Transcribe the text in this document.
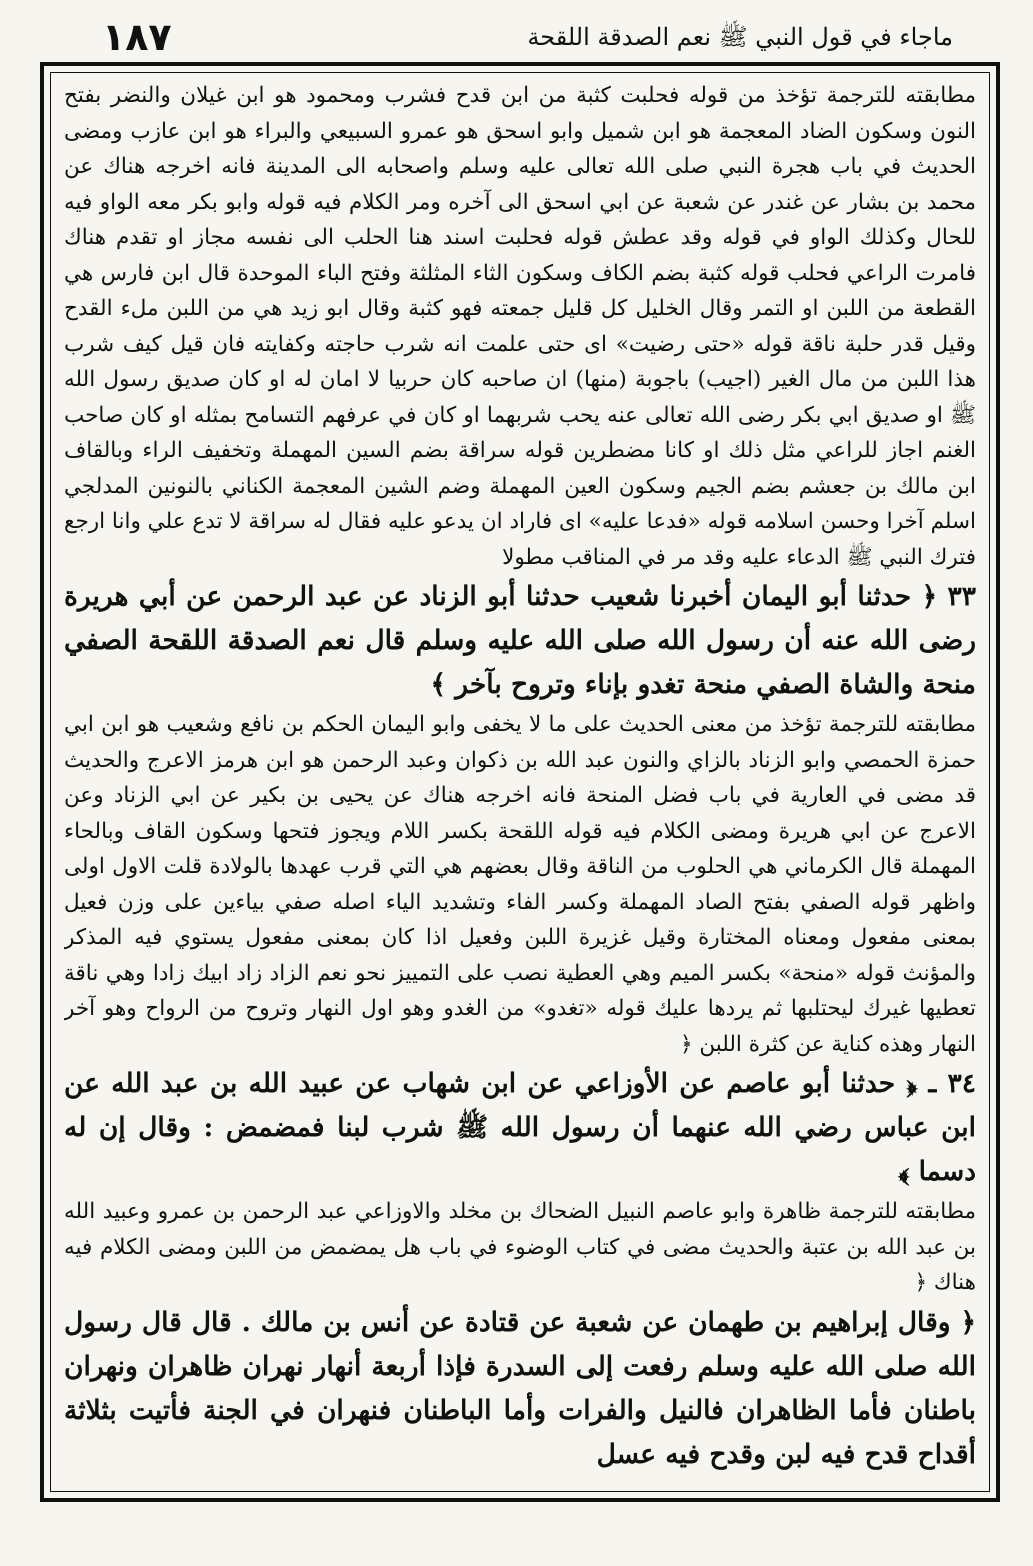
١٨٧	ماجاء في قول النبي ﷺ نعم الصدقة اللقحة

مطابقته للترجمة تؤخذ من قوله فحلبت كثبة من ابن قدح فشرب ومحمود هو ابن غيلان والنضر بفتح النون وسكون الضاد المعجمة هو ابن شميل وابو اسحق هو عمرو السبيعي والبراء هو ابن عازب ومضى الحديث في باب هجرة النبي صلى الله تعالى عليه وسلم واصحابه الى المدينة فانه اخرجه هناك عن محمد بن بشار عن غندر عن شعبة عن ابي اسحق الى آخره ومر الكلام فيه قوله وابو بكر معه الواو فيه للحال وكذلك الواو في قوله وقد عطش قوله فحلبت اسند هنا الحلب الى نفسه مجاز او تقدم هناك فامرت الراعي فحلب قوله كثبة بضم الكاف وسكون الثاء المثلثة وفتح الباء الموحدة قال ابن فارس هي القطعة من اللبن او التمر وقال الخليل كل قليل جمعته فهو كثبة وقال ابو زيد هي من اللبن ملء القدح وقيل قدر حلبة ناقة قوله «حتى رضيت» اى حتى علمت انه شرب حاجته وكفايته فان قيل كيف شرب هذا اللبن من مال الغير (اجيب) باجوبة (منها) ان صاحبه كان حربيا لا امان له او كان صديق رسول الله ﷺ او صديق ابي بكر رضى الله تعالى عنه يحب شربهما او كان في عرفهم التسامح بمثله او كان صاحب الغنم اجاز للراعي مثل ذلك او كانا مضطرين قوله سراقة بضم السين المهملة وتخفيف الراء وبالقاف ابن مالك بن جعشم بضم الجيم وسكون العين المهملة وضم الشين المعجمة الكناني بالنونين المدلجي اسلم آخرا وحسن اسلامه قوله «فدعا عليه» اى فاراد ان يدعو عليه فقال له سراقة لا تدع علي وانا ارجع فترك النبي ﷺ الدعاء عليه وقد مر في المناقب مطولا

٣٣ ﴿ حدثنا أبو اليمان أخبرنا شعيب حدثنا أبو الزناد عن عبد الرحمن عن أبي هريرة رضى الله عنه أن رسول الله صلى الله عليه وسلم قال نعم الصدقة اللقحة الصفي منحة والشاة الصفي منحة تغدو بإناء وتروح بآخر ﴾

مطابقته للترجمة تؤخذ من معنى الحديث على ما لا يخفى وابو اليمان الحكم بن نافع وشعيب هو ابن ابي حمزة الحمصي وابو الزناد بالزاي والنون عبد الله بن ذكوان وعبد الرحمن هو ابن هرمز الاعرج والحديث قد مضى في العارية في باب فضل المنحة فانه اخرجه هناك عن يحيى بن بكير عن ابي الزناد وعن الاعرج عن ابي هريرة ومضى الكلام فيه قوله اللقحة بكسر اللام ويجوز فتحها وسكون القاف وبالحاء المهملة قال الكرماني هي الحلوب من الناقة وقال بعضهم هي التي قرب عهدها بالولادة قلت الاول اولى واظهر قوله الصفي بفتح الصاد المهملة وكسر الفاء وتشديد الياء اصله صفي بياءين على وزن فعيل بمعنى مفعول ومعناه المختارة وقيل غزيرة اللبن وفعيل اذا كان بمعنى مفعول يستوي فيه المذكر والمؤنث قوله «منحة» بكسر الميم وهي العطية نصب على التمييز نحو نعم الزاد زاد ابيك زادا وهي ناقة تعطيها غيرك ليحتلبها ثم يردها عليك قوله «تغدو» من الغدو وهو اول النهار وتروح من الرواح وهو آخر النهار وهذه كناية عن كثرة اللبن ﴿

٣٤ ـ ﴿ حدثنا أبو عاصم عن الأوزاعي عن ابن شهاب عن عبيد الله بن عبد الله عن ابن عباس رضي الله عنهما أن رسول الله ﷺ شرب لبنا فمضمض : وقال إن له دسما ﴾

مطابقته للترجمة ظاهرة وابو عاصم النبيل الضحاك بن مخلد والاوزاعي عبد الرحمن بن عمرو وعبيد الله بن عبد الله بن عتبة والحديث مضى في كتاب الوضوء في باب هل يمضمض من اللبن ومضى الكلام فيه هناك ﴿

﴿ وقال إبراهيم بن طهمان عن شعبة عن قتادة عن أنس بن مالك . قال قال رسول الله صلى الله عليه وسلم رفعت إلى السدرة فإذا أربعة أنهار نهران ظاهران ونهران باطنان فأما الظاهران فالنيل والفرات وأما الباطنان فنهران في الجنة فأتيت بثلاثة أقداح قدح فيه لبن وقدح فيه عسل
